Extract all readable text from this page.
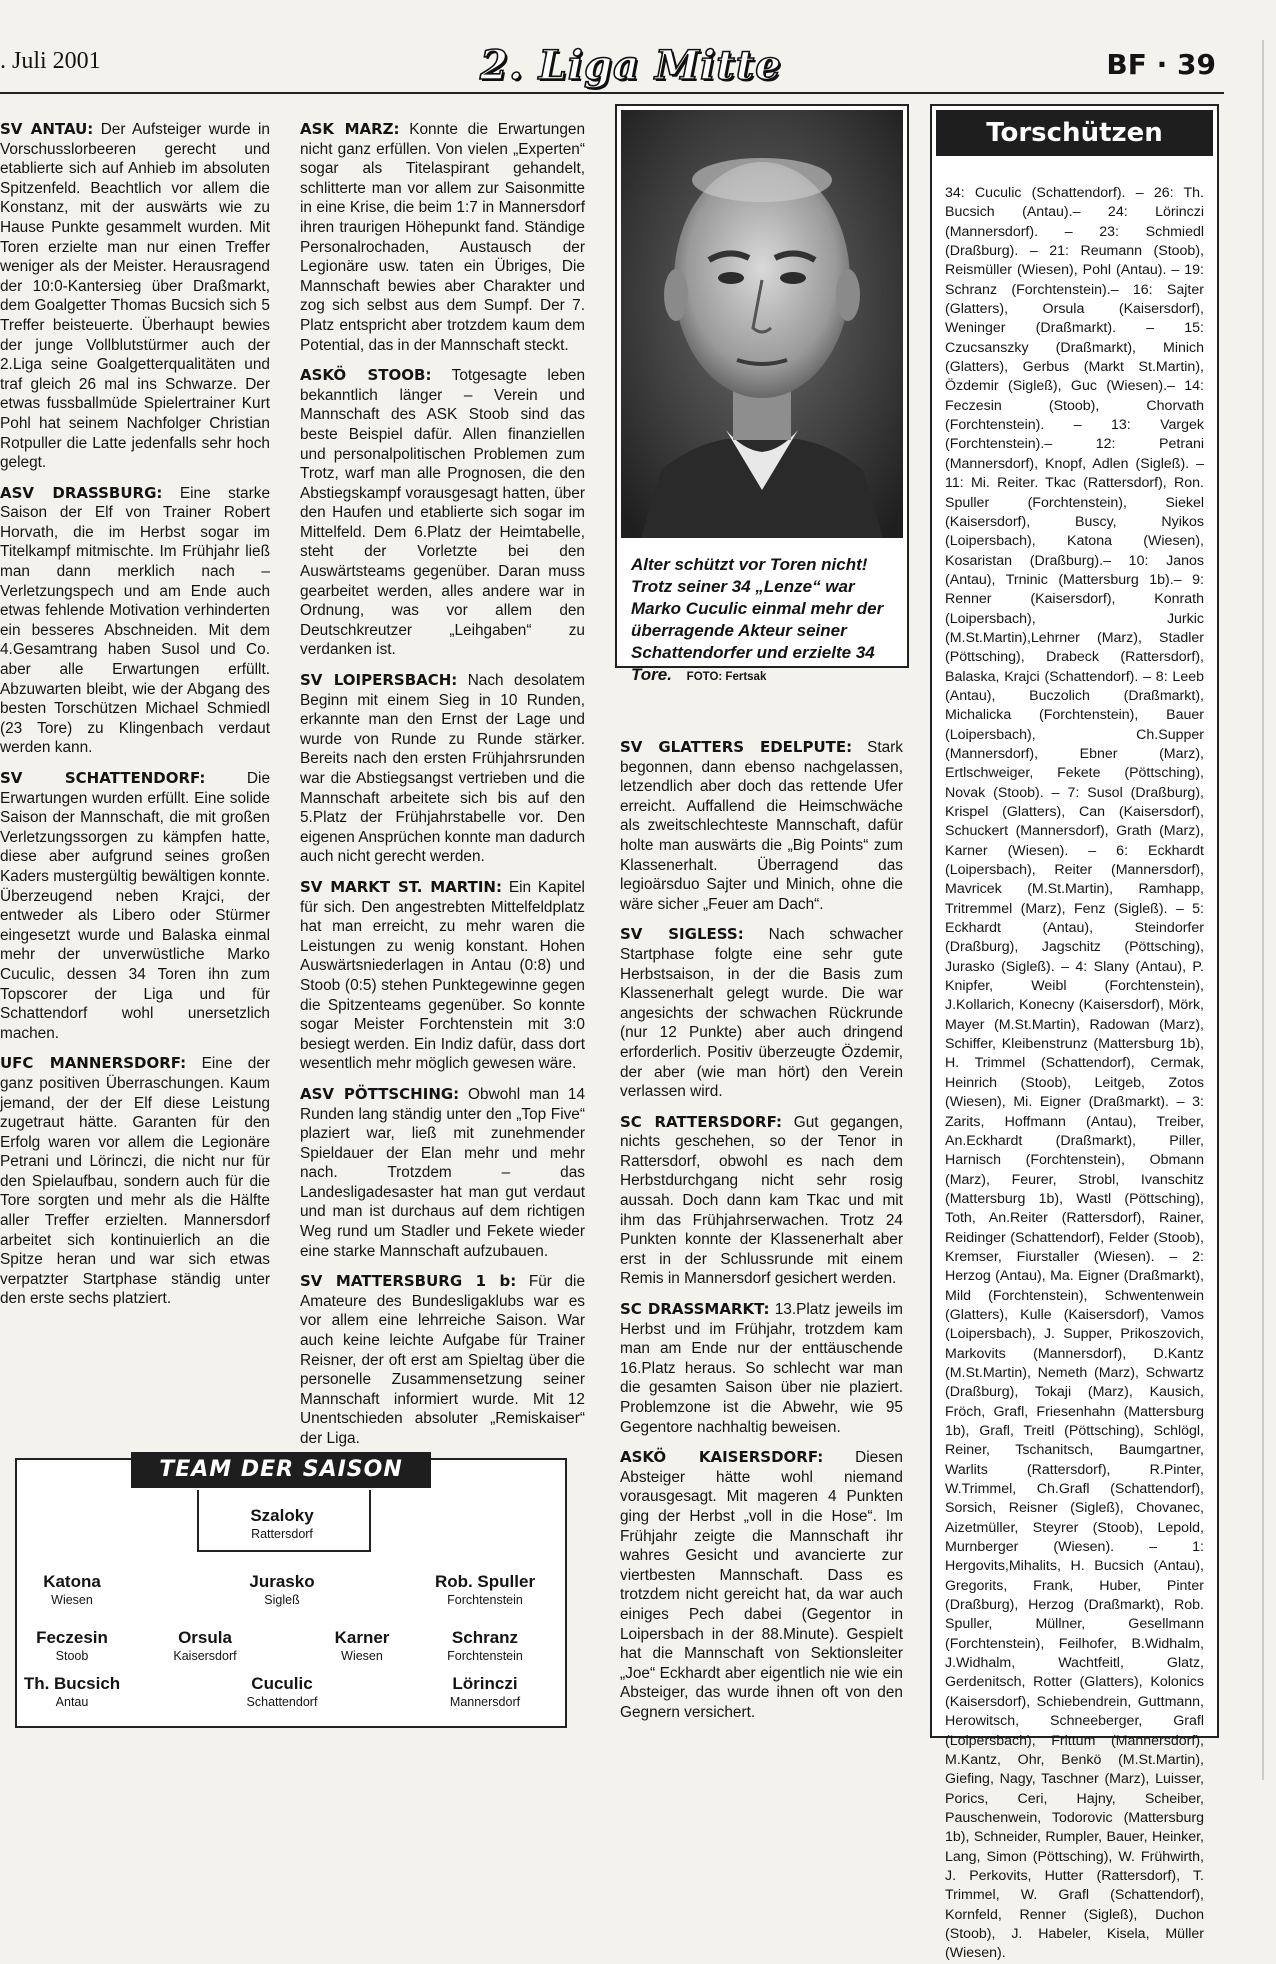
. Juli 2001	2. Liga Mitte	BF · 39

SV ANTAU: Der Aufsteiger wurde in Vorschusslorbeeren gerecht und etablierte sich auf Anhieb im absoluten Spitzenfeld. Beachtlich vor allem die Konstanz, mit der auswärts wie zu Hause Punkte gesammelt wurden. Mit Toren erzielte man nur einen Treffer weniger als der Meister. Herausragend der 10:0-Kantersieg über Draßmarkt, dem Goalgetter Thomas Bucsich sich 5 Treffer beisteuerte. Überhaupt bewies der junge Vollblutstürmer auch der 2.Liga seine Goalgetterqualitäten und traf gleich 26 mal ins Schwarze. Der etwas fussballmüde Spielertrainer Kurt Pohl hat seinem Nachfolger Christian Rotpuller die Latte jedenfalls sehr hoch gelegt.

ASV DRASSBURG: Eine starke Saison der Elf von Trainer Robert Horvath, die im Herbst sogar im Titelkampf mitmischte. Im Frühjahr ließ man dann merklich nach – Verletzungspech und am Ende auch etwas fehlende Motivation verhinderten ein besseres Abschneiden. Mit dem 4.Gesamtrang haben Susol und Co. aber alle Erwartungen erfüllt. Abzuwarten bleibt, wie der Abgang des besten Torschützen Michael Schmiedl (23 Tore) zu Klingenbach verdaut werden kann.

SV SCHATTENDORF:	Die Erwartungen wurden erfüllt. Eine solide Saison der Mannschaft, die mit großen Verletzungssorgen zu kämpfen hatte, diese aber aufgrund seines großen Kaders mustergültig bewältigen konnte. Überzeugend neben Krajci, der entweder als Libero oder Stürmer eingesetzt wurde und Balaska einmal mehr der unverwüstliche Marko Cuculic, dessen 34 Toren ihn zum Topscorer der Liga und für Schattendorf wohl unersetzlich machen.

UFC MANNERSDORF: Eine der ganz positiven Überraschungen. Kaum jemand, der der Elf diese Leistung zugetraut hätte. Garanten für den Erfolg waren vor allem die Legionäre Petrani und Lörinczi, die nicht nur für den Spielaufbau, sondern auch für die Tore sorgten und mehr als die Hälfte aller Treffer erzielten. Mannersdorf arbeitet sich kontinuierlich an die Spitze heran und war sich etwas verpatzter Startphase ständig unter den erste sechs platziert.

ASK MARZ: Konnte die Erwartungen nicht ganz erfüllen. Von vielen „Experten“ sogar als Titelaspirant gehandelt, schlitterte man vor allem zur Saisonmitte in eine Krise, die beim 1:7 in Mannersdorf ihren traurigen Höhepunkt fand. Ständige Personalrochaden, Austausch der Legionäre usw. taten ein Übriges, Die Mannschaft bewies aber Charakter und zog sich selbst aus dem Sumpf. Der 7. Platz entspricht aber trotzdem kaum dem Potential, das in der Mannschaft steckt.

ASKÖ STOOB: Totgesagte leben bekanntlich länger – Verein und Mannschaft des ASK Stoob sind das beste Beispiel dafür. Allen finanziellen und personalpolitischen Problemen zum Trotz, warf man alle Prognosen, die den Abstiegskampf vorausgesagt hatten, über den Haufen und etablierte sich sogar im Mittelfeld. Dem 6.Platz der Heimtabelle, steht der Vorletzte bei den Auswärtsteams gegenüber. Daran muss gearbeitet werden, alles andere war in Ordnung, was vor allem den Deutschkreutzer „Leihgaben“ zu verdanken ist.

SV LOIPERSBACH: Nach desolatem Beginn mit einem Sieg in 10 Runden, erkannte man den Ernst der Lage und wurde von Runde zu Runde stärker. Bereits nach den ersten Frühjahrsrunden war die Abstiegsangst vertrieben und die Mannschaft arbeitete sich bis auf den 5.Platz der Frühjahrstabelle vor. Den eigenen Ansprüchen konnte man dadurch auch nicht gerecht werden.

SV MARKT ST. MARTIN: Ein Kapitel für sich. Den angestrebten Mittelfeldplatz hat man erreicht, zu mehr waren die Leistungen zu wenig konstant. Hohen Auswärtsniederlagen in Antau (0:8) und Stoob (0:5) stehen Punktegewinne gegen die Spitzenteams gegenüber. So konnte sogar Meister Forchtenstein mit 3:0 besiegt werden. Ein Indiz dafür, dass dort wesentlich mehr möglich gewesen wäre.

ASV PÖTTSCHING: Obwohl man 14 Runden lang ständig unter den „Top Five“ plaziert war, ließ mit zunehmender Spieldauer der Elan mehr und mehr nach. Trotzdem – das Landesligadesaster hat man gut verdaut und man ist durchaus auf dem richtigen Weg rund um Stadler und Fekete wieder eine starke Mannschaft aufzubauen.

SV MATTERSBURG 1 b: Für die Amateure des Bundesligaklubs war es vor allem eine lehrreiche Saison. War auch keine leichte Aufgabe für Trainer Reisner, der oft erst am Spieltag über die personelle Zusammensetzung seiner Mannschaft informiert wurde. Mit 12 Unentschieden absoluter „Remiskaiser“ der Liga.

Alter schützt vor Toren nicht! Trotz seiner 34 „Lenze“ war Marko Cuculic einmal mehr der überragende Akteur seiner Schattendorfer und erzielte 34 Tore. FOTO: Fertsak

SV GLATTERS EDELPUTE: Stark begonnen, dann ebenso nachgelassen, letzendlich aber doch das rettende Ufer erreicht. Auffallend die Heimschwäche als zweitschlechteste Mannschaft, dafür holte man auswärts die „Big Points“ zum Klassenerhalt. Überragend das legioärsduo Sajter und Minich, ohne die wäre sicher „Feuer am Dach“.

SV SIGLESS: Nach schwacher Startphase folgte eine sehr gute Herbstsaison, in der die Basis zum Klassenerhalt gelegt wurde. Die war angesichts der schwachen Rückrunde (nur 12 Punkte) aber auch dringend erforderlich. Positiv überzeugte Özdemir, der aber (wie man hört) den Verein verlassen wird.

SC RATTERSDORF: Gut gegangen, nichts geschehen, so der Tenor in Rattersdorf, obwohl es nach dem Herbstdurchgang nicht sehr rosig aussah. Doch dann kam Tkac und mit ihm das Frühjahrserwachen. Trotz 24 Punkten konnte der Klassenerhalt aber erst in der Schlussrunde mit einem Remis in Mannersdorf gesichert werden.

SC DRASSMARKT: 13.Platz jeweils im Herbst und im Frühjahr, trotzdem kam man am Ende nur der enttäuschende 16.Platz heraus. So schlecht war man die gesamten Saison über nie plaziert. Problemzone ist die Abwehr, wie 95 Gegentore nachhaltig beweisen.

ASKÖ KAISERSDORF: Diesen Absteiger hätte wohl niemand vorausgesagt. Mit mageren 4 Punkten ging der Herbst „voll in die Hose“. Im Frühjahr zeigte die Mannschaft ihr wahres Gesicht und avancierte zur viertbesten Mannschaft. Dass es trotzdem nicht gereicht hat, da war auch einiges Pech dabei (Gegentor in Loipersbach in der 88.Minute). Gespielt hat die Mannschaft von Sektionsleiter „Joe“ Eckhardt aber eigentlich nie wie ein Absteiger, das wurde ihnen oft von den Gegnern versichert.

Torschützen
34: Cuculic (Schattendorf). – 26: Th. Bucsich (Antau).– 24: Lörinczi (Mannersdorf). – 23: Schmiedl (Draßburg). – 21: Reumann (Stoob), Reismüller (Wiesen), Pohl (Antau). – 19: Schranz (Forchtenstein).– 16: Sajter (Glatters), Orsula (Kaisersdorf), Weninger (Draßmarkt). – 15: Czucsanszky (Draßmarkt), Minich (Glatters), Gerbus (Markt St.Martin), Özdemir (Sigleß), Guc (Wiesen).– 14: Feczesin (Stoob), Chorvath (Forchtenstein). – 13: Vargek (Forchtenstein).– 12: Petrani (Mannersdorf), Knopf, Adlen (Sigleß). – 11: Mi. Reiter. Tkac (Rattersdorf), Ron. Spuller (Forchtenstein), Siekel (Kaisersdorf), Buscy, Nyikos (Loipersbach), Katona (Wiesen), Kosaristan (Draßburg).– 10: Janos (Antau), Trninic (Mattersburg 1b).– 9: Renner (Kaisersdorf), Konrath (Loipersbach), Jurkic (M.St.Martin),Lehrner (Marz), Stadler (Pöttsching), Drabeck (Rattersdorf), Balaska, Krajci (Schattendorf). – 8: Leeb (Antau), Buczolich (Draßmarkt), Michalicka (Forchtenstein), Bauer (Loipersbach), Ch.Supper (Mannersdorf), Ebner (Marz), Ertlschweiger, Fekete (Pöttsching), Novak (Stoob). – 7: Susol (Draßburg), Krispel (Glatters), Can (Kaisersdorf), Schuckert (Mannersdorf), Grath (Marz), Karner (Wiesen). – 6: Eckhardt (Loipersbach), Reiter (Mannersdorf), Mavricek (M.St.Martin), Ramhapp, Tritremmel (Marz), Fenz (Sigleß). – 5: Eckhardt (Antau), Steindorfer (Draßburg), Jagschitz (Pöttsching), Jurasko (Sigleß). – 4: Slany (Antau), P. Knipfer, Weibl (Forchtenstein), J.Kollarich, Konecny (Kaisersdorf), Mörk, Mayer (M.St.Martin), Radowan (Marz), Schiffer, Kleibenstrunz (Mattersburg 1b), H. Trimmel (Schattendorf), Cermak, Heinrich (Stoob), Leitgeb, Zotos (Wiesen), Mi. Eigner (Draßmarkt). – 3: Zarits, Hoffmann (Antau), Treiber, An.Eckhardt (Draßmarkt), Piller, Harnisch (Forchtenstein), Obmann (Marz), Feurer, Strobl, Ivanschitz (Mattersburg 1b), Wastl (Pöttsching), Toth, An.Reiter (Rattersdorf), Rainer, Reidinger (Schattendorf), Felder (Stoob), Kremser, Fiurstaller (Wiesen). – 2: Herzog (Antau), Ma. Eigner (Draßmarkt), Mild (Forchtenstein), Schwentenwein (Glatters), Kulle (Kaisersdorf), Vamos (Loipersbach), J. Supper, Prikoszovich, Markovits (Mannersdorf), D.Kantz (M.St.Martin), Nemeth (Marz), Schwartz (Draßburg), Tokaji (Marz), Kausich, Fröch, Grafl, Friesenhahn (Mattersburg 1b), Grafl, Treitl (Pöttsching), Schlögl, Reiner, Tschanitsch, Baumgartner, Warlits (Rattersdorf), R.Pinter, W.Trimmel, Ch.Grafl (Schattendorf), Sorsich, Reisner (Sigleß), Chovanec, Aizetmüller, Steyrer (Stoob), Lepold, Murnberger (Wiesen). – 1: Hergovits,Mihalits, H. Bucsich (Antau), Gregorits, Frank, Huber, Pinter (Draßburg), Herzog (Draßmarkt), Rob. Spuller, Müllner, Gesellmann (Forchtenstein), Feilhofer, B.Widhalm, J.Widhalm, Wachtfeitl, Glatz, Gerdenitsch, Rotter (Glatters), Kolonics (Kaisersdorf), Schiebendrein, Guttmann, Herowitsch, Schneeberger, Grafl (Loipersbach), Frittum (Mannersdorf), M.Kantz, Ohr, Benkö (M.St.Martin), Giefing, Nagy, Taschner (Marz), Luisser, Porics, Ceri, Hajny, Scheiber, Pauschenwein, Todorovic (Mattersburg 1b), Schneider, Rumpler, Bauer, Heinker, Lang, Simon (Pöttsching), W. Frühwirth, J. Perkovits, Hutter (Rattersdorf), T. Trimmel, W. Grafl (Schattendorf), Kornfeld, Renner (Sigleß), Duchon (Stoob), J. Habeler, Kisela, Müller (Wiesen).
TEAM DER SAISON
Szaloky
Rattersdorf
Katona
Wiesen
Jurasko
Sigleß
Rob. Spuller
Forchtenstein
Feczesin
Stoob
Orsula
Kaisersdorf
Karner
Wiesen
Schranz
Forchtenstein
Th. Bucsich
Antau
Cuculic
Schattendorf
Lörinczi
Mannersdorf
